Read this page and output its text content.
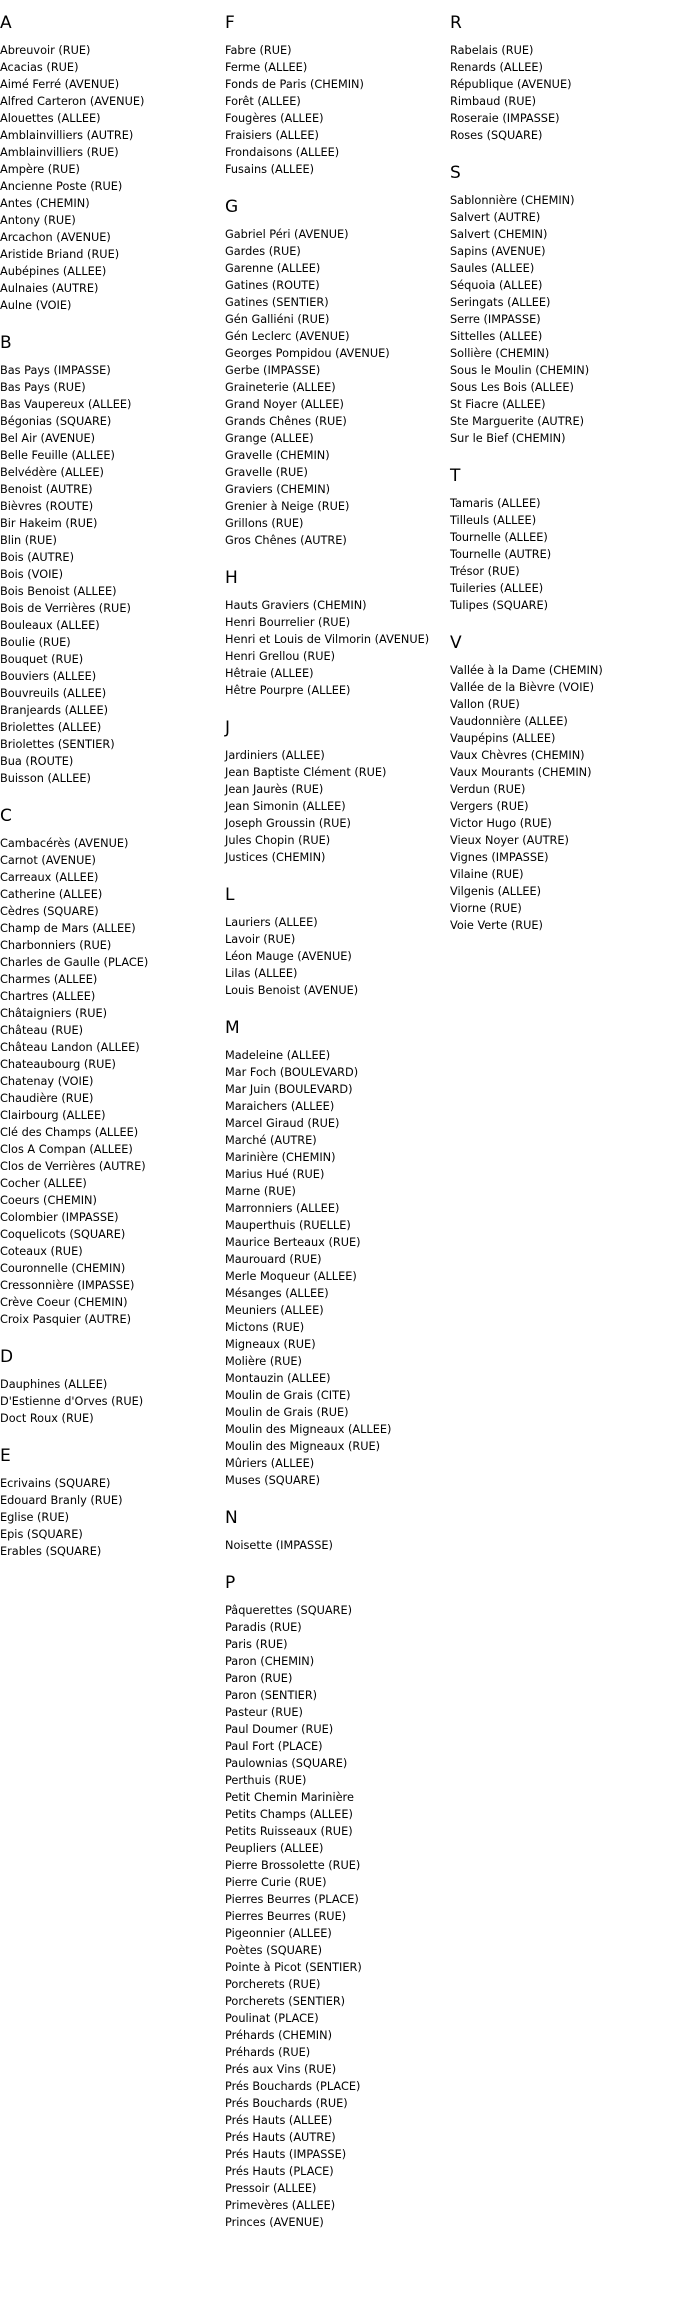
A
Abreuvoir (RUE)
Acacias (RUE)
Aimé Ferré (AVENUE)
Alfred Carteron (AVENUE)
Alouettes (ALLEE)
Amblainvilliers (AUTRE)
Amblainvilliers (RUE)
Ampère (RUE)
Ancienne Poste (RUE)
Antes (CHEMIN)
Antony (RUE)
Arcachon (AVENUE)
Aristide Briand (RUE)
Aubépines (ALLEE)
Aulnaies (AUTRE)
Aulne (VOIE)
B
Bas Pays (IMPASSE)
Bas Pays (RUE)
Bas Vaupereux (ALLEE)
Bégonias (SQUARE)
Bel Air (AVENUE)
Belle Feuille (ALLEE)
Belvédère (ALLEE)
Benoist (AUTRE)
Bièvres (ROUTE)
Bir Hakeim (RUE)
Blin (RUE)
Bois (AUTRE)
Bois (VOIE)
Bois Benoist (ALLEE)
Bois de Verrières (RUE)
Bouleaux (ALLEE)
Boulie (RUE)
Bouquet (RUE)
Bouviers (ALLEE)
Bouvreuils (ALLEE)
Branjeards (ALLEE)
Briolettes (ALLEE)
Briolettes (SENTIER)
Bua (ROUTE)
Buisson (ALLEE)
C
Cambacérès (AVENUE)
Carnot (AVENUE)
Carreaux (ALLEE)
Catherine (ALLEE)
Cèdres (SQUARE)
Champ de Mars (ALLEE)
Charbonniers (RUE)
Charles de Gaulle (PLACE)
Charmes (ALLEE)
Chartres (ALLEE)
Châtaigniers (RUE)
Château (RUE)
Château Landon (ALLEE)
Chateaubourg (RUE)
Chatenay (VOIE)
Chaudière (RUE)
Clairbourg (ALLEE)
Clé des Champs (ALLEE)
Clos A Compan (ALLEE)
Clos de Verrières (AUTRE)
Cocher (ALLEE)
Coeurs (CHEMIN)
Colombier (IMPASSE)
Coquelicots (SQUARE)
Coteaux (RUE)
Couronnelle (CHEMIN)
Cressonnière (IMPASSE)
Crève Coeur (CHEMIN)
Croix Pasquier (AUTRE)
D
Dauphines (ALLEE)
D'Estienne d'Orves (RUE)
Doct Roux (RUE)
E
Ecrivains (SQUARE)
Edouard Branly (RUE)
Eglise (RUE)
Epis (SQUARE)
Erables (SQUARE)
F
Fabre (RUE)
Ferme (ALLEE)
Fonds de Paris (CHEMIN)
Forêt (ALLEE)
Fougères (ALLEE)
Fraisiers (ALLEE)
Frondaisons (ALLEE)
Fusains (ALLEE)
G
Gabriel Péri (AVENUE)
Gardes (RUE)
Garenne (ALLEE)
Gatines (ROUTE)
Gatines (SENTIER)
Gén Galliéni (RUE)
Gén Leclerc (AVENUE)
Georges Pompidou (AVENUE)
Gerbe (IMPASSE)
Graineterie (ALLEE)
Grand Noyer (ALLEE)
Grands Chênes (RUE)
Grange (ALLEE)
Gravelle (CHEMIN)
Gravelle (RUE)
Graviers (CHEMIN)
Grenier à Neige (RUE)
Grillons (RUE)
Gros Chênes (AUTRE)
H
Hauts Graviers (CHEMIN)
Henri Bourrelier (RUE)
Henri et Louis de Vilmorin (AVENUE)
Henri Grellou (RUE)
Hêtraie (ALLEE)
Hêtre Pourpre (ALLEE)
J
Jardiniers (ALLEE)
Jean Baptiste Clément (RUE)
Jean Jaurès (RUE)
Jean Simonin (ALLEE)
Joseph Groussin (RUE)
Jules Chopin (RUE)
Justices (CHEMIN)
L
Lauriers (ALLEE)
Lavoir (RUE)
Léon Mauge (AVENUE)
Lilas (ALLEE)
Louis Benoist (AVENUE)
M
Madeleine (ALLEE)
Mar Foch (BOULEVARD)
Mar Juin (BOULEVARD)
Maraichers (ALLEE)
Marcel Giraud (RUE)
Marché (AUTRE)
Marinière (CHEMIN)
Marius Hué (RUE)
Marne (RUE)
Marronniers (ALLEE)
Mauperthuis (RUELLE)
Maurice Berteaux (RUE)
Maurouard (RUE)
Merle Moqueur (ALLEE)
Mésanges (ALLEE)
Meuniers (ALLEE)
Mictons (RUE)
Migneaux (RUE)
Molière (RUE)
Montauzin (ALLEE)
Moulin de Grais (CITE)
Moulin de Grais (RUE)
Moulin des Migneaux (ALLEE)
Moulin des Migneaux (RUE)
Mûriers (ALLEE)
Muses (SQUARE)
N
Noisette (IMPASSE)
P
Pâquerettes (SQUARE)
Paradis (RUE)
Paris (RUE)
Paron (CHEMIN)
Paron (RUE)
Paron (SENTIER)
Pasteur (RUE)
Paul Doumer (RUE)
Paul Fort (PLACE)
Paulownias (SQUARE)
Perthuis (RUE)
Petit Chemin Marinière
Petits Champs (ALLEE)
Petits Ruisseaux (RUE)
Peupliers (ALLEE)
Pierre Brossolette (RUE)
Pierre Curie (RUE)
Pierres Beurres (PLACE)
Pierres Beurres (RUE)
Pigeonnier (ALLEE)
Poètes (SQUARE)
Pointe à Picot (SENTIER)
Porcherets (RUE)
Porcherets (SENTIER)
Poulinat (PLACE)
Préhards (CHEMIN)
Préhards (RUE)
Prés aux Vins (RUE)
Prés Bouchards (PLACE)
Prés Bouchards (RUE)
Prés Hauts (ALLEE)
Prés Hauts (AUTRE)
Prés Hauts (IMPASSE)
Prés Hauts (PLACE)
Pressoir (ALLEE)
Primevères (ALLEE)
Princes (AVENUE)
R
Rabelais (RUE)
Renards (ALLEE)
République (AVENUE)
Rimbaud (RUE)
Roseraie (IMPASSE)
Roses (SQUARE)
S
Sablonnière (CHEMIN)
Salvert (AUTRE)
Salvert (CHEMIN)
Sapins (AVENUE)
Saules (ALLEE)
Séquoia (ALLEE)
Seringats (ALLEE)
Serre (IMPASSE)
Sittelles (ALLEE)
Sollière (CHEMIN)
Sous le Moulin (CHEMIN)
Sous Les Bois (ALLEE)
St Fiacre (ALLEE)
Ste Marguerite (AUTRE)
Sur le Bief (CHEMIN)
T
Tamaris (ALLEE)
Tilleuls (ALLEE)
Tournelle (ALLEE)
Tournelle (AUTRE)
Trésor (RUE)
Tuileries (ALLEE)
Tulipes (SQUARE)
V
Vallée à la Dame (CHEMIN)
Vallée de la Bièvre (VOIE)
Vallon (RUE)
Vaudonnière (ALLEE)
Vaupépins (ALLEE)
Vaux Chèvres (CHEMIN)
Vaux Mourants (CHEMIN)
Verdun (RUE)
Vergers (RUE)
Victor Hugo (RUE)
Vieux Noyer (AUTRE)
Vignes (IMPASSE)
Vilaine (RUE)
Vilgenis (ALLEE)
Viorne (RUE)
Voie Verte (RUE)
